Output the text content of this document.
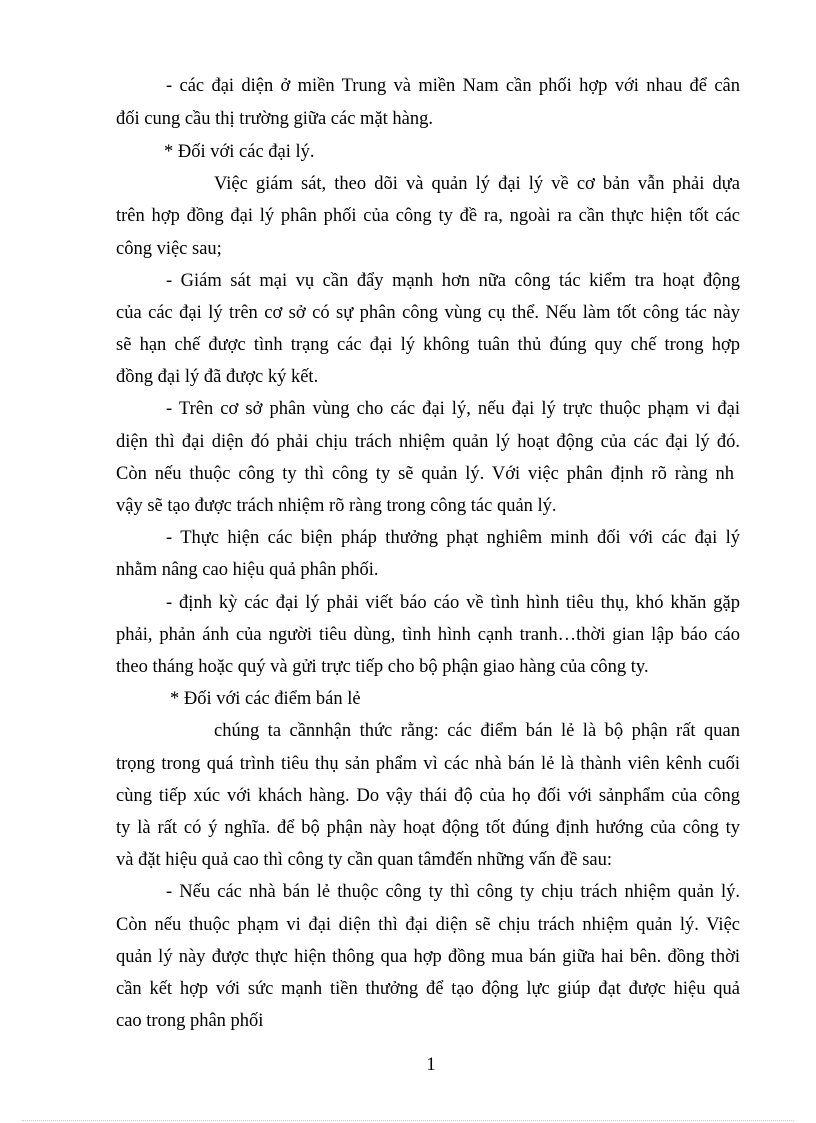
- các đại diện ở miền Trung và miền Nam cần phối hợp với nhau để cân
đối cung cầu thị trường giữa các mặt hàng.
* Đối với các đại lý.
Việc giám sát, theo dõi và quản lý đại lý về cơ bản vẫn phải dựa
trên hợp đồng đại lý phân phối của công ty đề ra, ngoài ra cần thực hiện tốt các
công việc sau;
- Giám sát mại vụ cần đẩy mạnh hơn nữa công tác kiểm tra hoạt động
của các đại lý trên cơ sở có sự phân công vùng cụ thể. Nếu làm tốt công tác này
sẽ hạn chế được tình trạng các đại lý không tuân thủ đúng quy chế trong hợp
đồng đại lý đã được ký kết.
- Trên cơ sở phân vùng cho các đại lý, nếu đại lý trực thuộc phạm vi đại
diện thì đại diện đó phải chịu trách nhiệm quản lý hoạt động của các đại lý đó.
Còn nếu thuộc công ty thì công ty sẽ quản lý. Với việc phân định rõ ràng nh
vậy sẽ tạo được trách nhiệm rõ ràng trong công tác quản lý.
- Thực hiện các biện pháp thưởng phạt nghiêm minh đối với các đại lý
nhằm nâng cao hiệu quả phân phối.
- định kỳ các đại lý phải viết báo cáo về tình hình tiêu thụ, khó khăn gặp
phải, phản ánh của người tiêu dùng, tình hình cạnh tranh…thời gian lập báo cáo
theo tháng hoặc quý và gửi trực tiếp cho bộ phận giao hàng của công ty.
* Đối với các điểm bán lẻ
chúng ta cầnnhận thức rằng: các điểm bán lẻ là bộ phận rất quan
trọng trong quá trình tiêu thụ sản phẩm vì các nhà bán lẻ là thành viên kênh cuối
cùng tiếp xúc với khách hàng. Do vậy thái độ của họ đối với sảnphẩm của công
ty là rất có ý nghĩa. để bộ phận này hoạt động tốt đúng định hướng của công ty
và đặt hiệu quả cao thì công ty cần quan tâmđến những vấn đề sau:
- Nếu các nhà bán lẻ thuộc công ty thì công ty chịu trách nhiệm quản lý.
Còn nếu thuộc phạm vi đại diện thì đại diện sẽ chịu trách nhiệm quản lý. Việc
quản lý này được thực hiện thông qua hợp đồng mua bán giữa hai bên. đồng thời
cần kết hợp với sức mạnh tiền thưởng để tạo động lực giúp đạt được hiệu quả
cao trong phân phối
1
